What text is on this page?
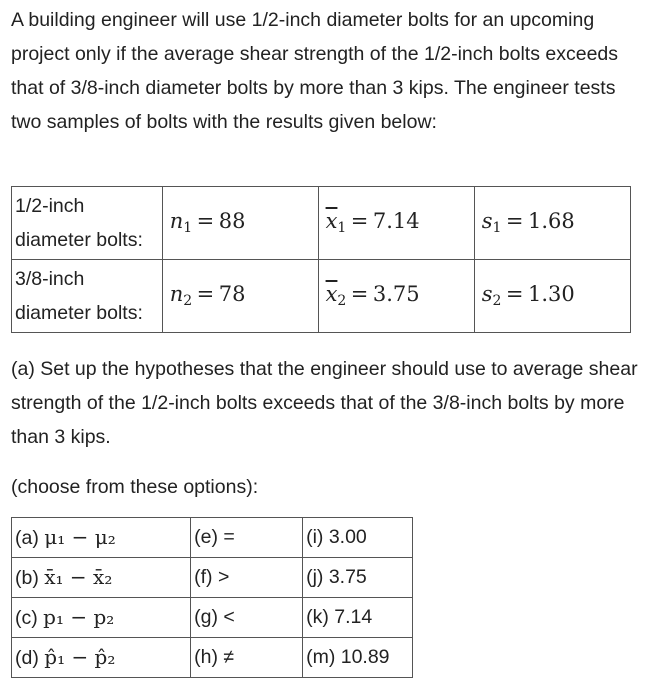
A building engineer will use 1/2-inch diameter bolts for an upcoming project only if the average shear strength of the 1/2-inch bolts exceeds that of 3/8-inch diameter bolts by more than 3 kips. The engineer tests two samples of bolts with the results given below:

1/2-inch
diameter bolts:	$n_1 = 88$	$\overline{x}_1 = 7.14$	$s_1 = 1.68$
3/8-inch
diameter bolts:	$n_2 = 78$	$\overline{x}_2 = 3.75$	$s_2 = 1.30$

(a) Set up the hypotheses that the engineer should use to average shear strength of the 1/2-inch bolts exceeds that of the 3/8-inch bolts by more than 3 kips.

(choose from these options):

(a) μ₁ − μ₂	(e) =	(i) 3.00
(b) x̄₁ − x̄₂	(f) >	(j) 3.75
(c) p₁ − p₂	(g) <	(k) 7.14
(d) p̂₁ − p̂₂	(h) ≠	(m) 10.89
